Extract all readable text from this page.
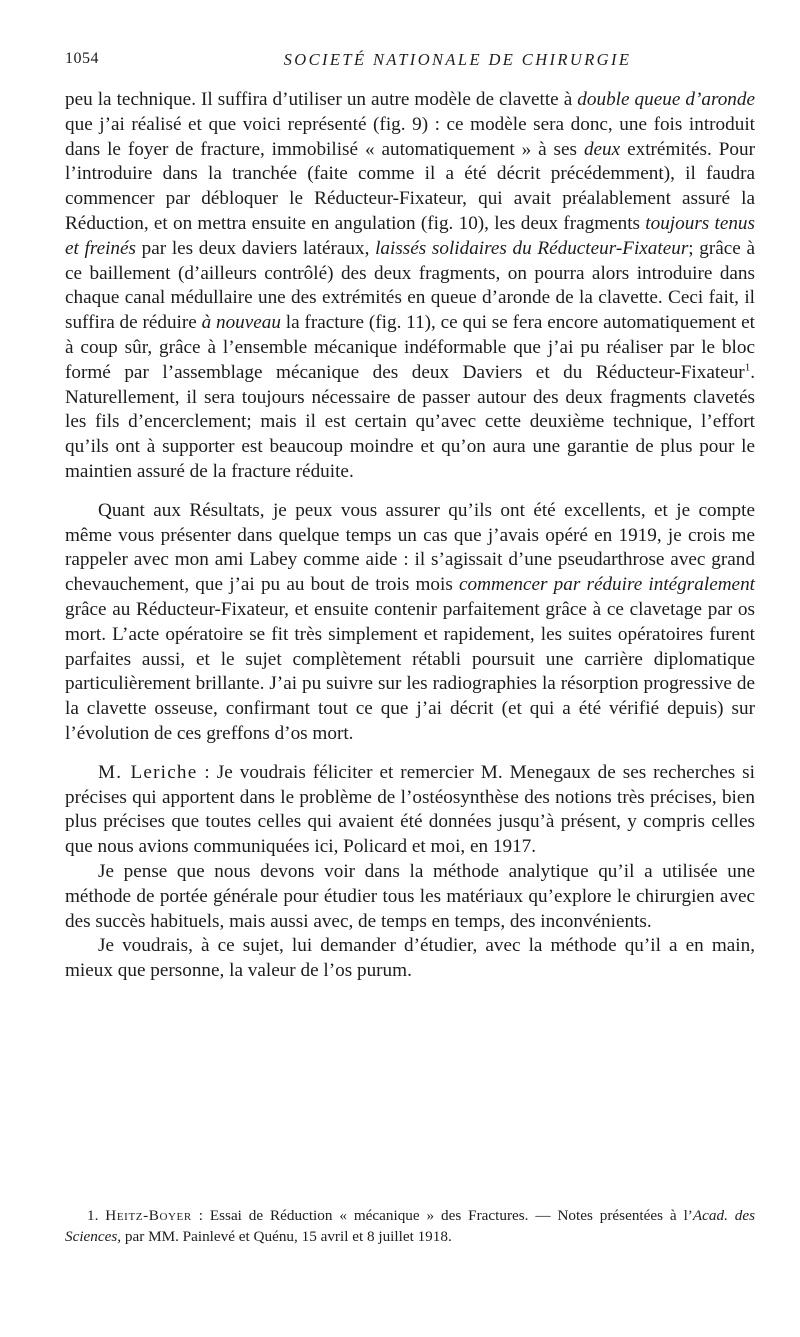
1054	SOCIETÉ NATIONALE DE CHIRURGIE

peu la technique. Il suffira d’utiliser un autre modèle de clavette à double queue d’aronde que j’ai réalisé et que voici représenté (fig. 9) : ce modèle sera donc, une fois introduit dans le foyer de fracture, immobilisé « automatiquement » à ses deux extrémités. Pour l’introduire dans la tranchée (faite comme il a été décrit précédemment), il faudra commencer par débloquer le Réducteur-Fixateur, qui avait préalablement assuré la Réduction, et on mettra ensuite en angulation (fig. 10), les deux fragments toujours tenus et freinés par les deux daviers latéraux, laissés solidaires du Réducteur-Fixateur; grâce à ce baillement (d’ailleurs contrôlé) des deux fragments, on pourra alors introduire dans chaque canal médullaire une des extrémités en queue d’aronde de la clavette. Ceci fait, il suffira de réduire à nouveau la fracture (fig. 11), ce qui se fera encore automatiquement et à coup sûr, grâce à l’ensemble mécanique indéformable que j’ai pu réaliser par le bloc formé par l’assemblage mécanique des deux Daviers et du Réducteur-Fixateur$^1$. Naturellement, il sera toujours nécessaire de passer autour des deux fragments clavetés les fils d’encerclement; mais il est certain qu’avec cette deuxième technique, l’effort qu’ils ont à supporter est beaucoup moindre et qu’on aura une garantie de plus pour le maintien assuré de la fracture réduite.

Quant aux Résultats, je peux vous assurer qu’ils ont été excellents, et je compte même vous présenter dans quelque temps un cas que j’avais opéré en 1919, je crois me rappeler avec mon ami Labey comme aide : il s’agissait d’une pseudarthrose avec grand chevauchement, que j’ai pu au bout de trois mois commencer par réduire intégralement grâce au Réducteur-Fixateur, et ensuite contenir parfaitement grâce à ce clavetage par os mort. L’acte opératoire se fit très simplement et rapidement, les suites opératoires furent parfaites aussi, et le sujet complètement rétabli poursuit une carrière diplomatique particulièrement brillante. J’ai pu suivre sur les radiographies la résorption progressive de la clavette osseuse, confirmant tout ce que j’ai décrit (et qui a été vérifié depuis) sur l’évolution de ces greffons d’os mort.

M. Leriche : Je voudrais féliciter et remercier M. Menegaux de ses recherches si précises qui apportent dans le problème de l’ostéosynthèse des notions très précises, bien plus précises que toutes celles qui avaient été données jusqu’à présent, y compris celles que nous avions communiquées ici, Policard et moi, en 1917.

Je pense que nous devons voir dans la méthode analytique qu’il a utilisée une méthode de portée générale pour étudier tous les matériaux qu’explore le chirurgien avec des succès habituels, mais aussi avec, de temps en temps, des inconvénients.

Je voudrais, à ce sujet, lui demander d’étudier, avec la méthode qu’il a en main, mieux que personne, la valeur de l’os purum.

1. Heitz-Boyer : Essai de Réduction « mécanique » des Fractures. — Notes présentées à l’Acad. des Sciences, par MM. Painlevé et Quénu, 15 avril et 8 juillet 1918.
